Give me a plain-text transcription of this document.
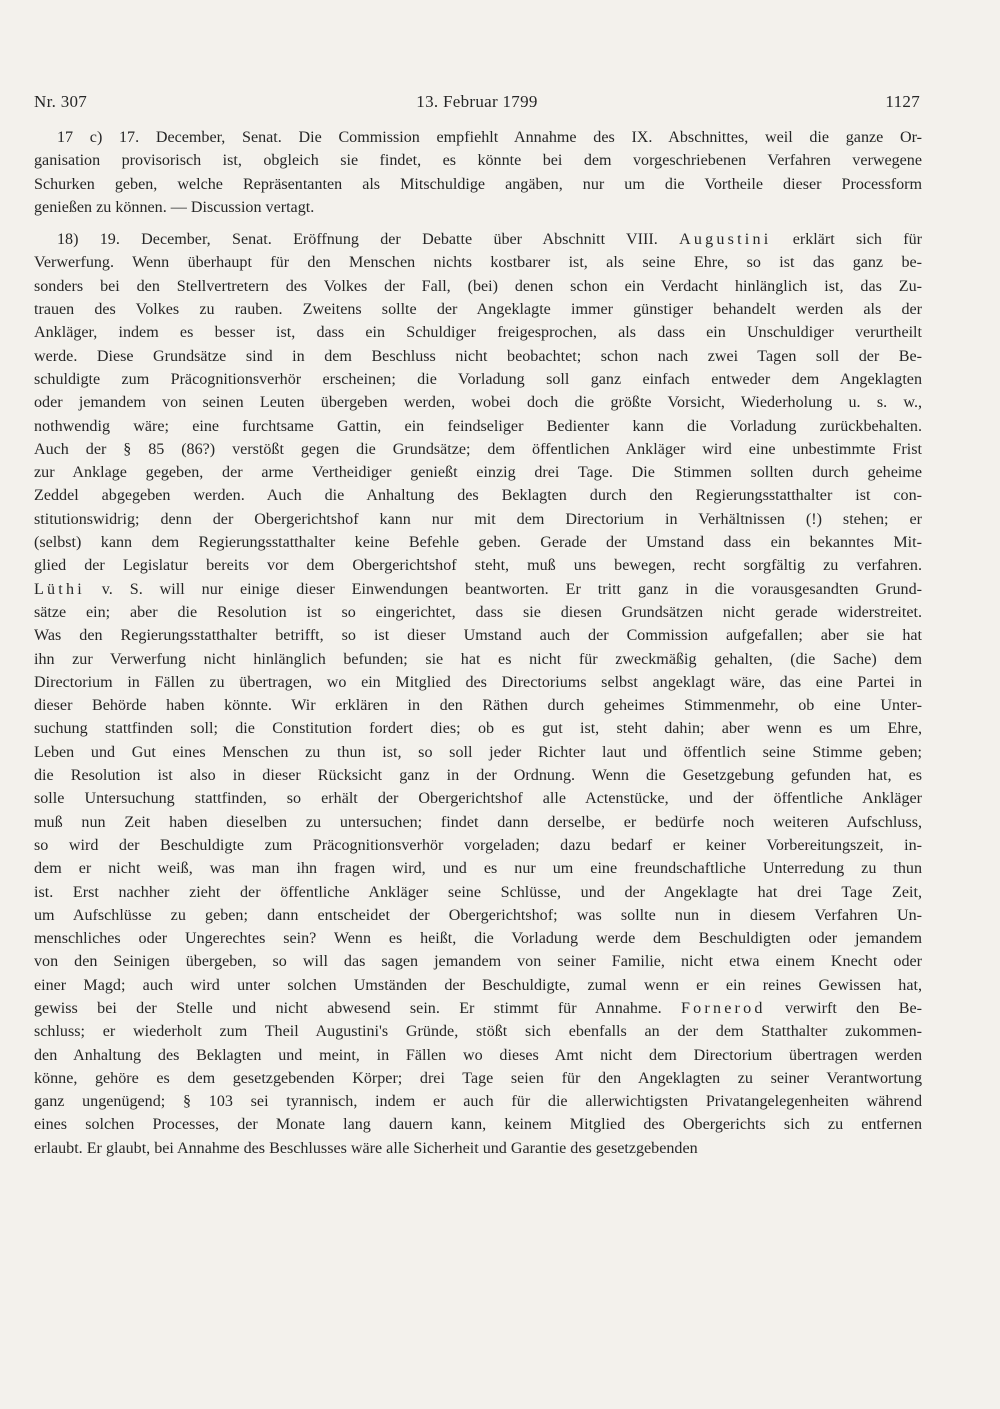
Nr. 307	13. Februar 1799	1127
17 c) 17. December, Senat. Die Commission empfiehlt Annahme des IX. Abschnittes, weil die ganze Or-
ganisation provisorisch ist, obgleich sie findet, es könnte bei dem vorgeschriebenen Verfahren verwegene
Schurken geben, welche Repräsentanten als Mitschuldige angäben, nur um die Vortheile dieser Processform
genießen zu können. — Discussion vertagt.
18) 19. December, Senat. Eröffnung der Debatte über Abschnitt VIII. Augustini erklärt sich für
Verwerfung. Wenn überhaupt für den Menschen nichts kostbarer ist, als seine Ehre, so ist das ganz be-
sonders bei den Stellvertretern des Volkes der Fall, (bei) denen schon ein Verdacht hinlänglich ist, das Zu-
trauen des Volkes zu rauben. Zweitens sollte der Angeklagte immer günstiger behandelt werden als der
Ankläger, indem es besser ist, dass ein Schuldiger freigesprochen, als dass ein Unschuldiger verurtheilt
werde. Diese Grundsätze sind in dem Beschluss nicht beobachtet; schon nach zwei Tagen soll der Be-
schuldigte zum Präcognitionsverhör erscheinen; die Vorladung soll ganz einfach entweder dem Angeklagten
oder jemandem von seinen Leuten übergeben werden, wobei doch die größte Vorsicht, Wiederholung u. s. w.,
nothwendig wäre; eine furchtsame Gattin, ein feindseliger Bedienter kann die Vorladung zurückbehalten.
Auch der § 85 (86?) verstößt gegen die Grundsätze; dem öffentlichen Ankläger wird eine unbestimmte Frist
zur Anklage gegeben, der arme Vertheidiger genießt einzig drei Tage. Die Stimmen sollten durch geheime
Zeddel abgegeben werden. Auch die Anhaltung des Beklagten durch den Regierungsstatthalter ist con-
stitutionswidrig; denn der Obergerichtshof kann nur mit dem Directorium in Verhältnissen (!) stehen; er
(selbst) kann dem Regierungsstatthalter keine Befehle geben. Gerade der Umstand dass ein bekanntes Mit-
glied der Legislatur bereits vor dem Obergerichtshof steht, muß uns bewegen, recht sorgfältig zu verfahren.
Lüthi v. S. will nur einige dieser Einwendungen beantworten. Er tritt ganz in die vorausgesandten Grund-
sätze ein; aber die Resolution ist so eingerichtet, dass sie diesen Grundsätzen nicht gerade widerstreitet.
Was den Regierungsstatthalter betrifft, so ist dieser Umstand auch der Commission aufgefallen; aber sie hat
ihn zur Verwerfung nicht hinlänglich befunden; sie hat es nicht für zweckmäßig gehalten, (die Sache) dem
Directorium in Fällen zu übertragen, wo ein Mitglied des Directoriums selbst angeklagt wäre, das eine Partei in
dieser Behörde haben könnte. Wir erklären in den Räthen durch geheimes Stimmenmehr, ob eine Unter-
suchung stattfinden soll; die Constitution fordert dies; ob es gut ist, steht dahin; aber wenn es um Ehre,
Leben und Gut eines Menschen zu thun ist, so soll jeder Richter laut und öffentlich seine Stimme geben;
die Resolution ist also in dieser Rücksicht ganz in der Ordnung. Wenn die Gesetzgebung gefunden hat, es
solle Untersuchung stattfinden, so erhält der Obergerichtshof alle Actenstücke, und der öffentliche Ankläger
muß nun Zeit haben dieselben zu untersuchen; findet dann derselbe, er bedürfe noch weiteren Aufschluss,
so wird der Beschuldigte zum Präcognitionsverhör vorgeladen; dazu bedarf er keiner Vorbereitungszeit, in-
dem er nicht weiß, was man ihn fragen wird, und es nur um eine freundschaftliche Unterredung zu thun
ist. Erst nachher zieht der öffentliche Ankläger seine Schlüsse, und der Angeklagte hat drei Tage Zeit,
um Aufschlüsse zu geben; dann entscheidet der Obergerichtshof; was sollte nun in diesem Verfahren Un-
menschliches oder Ungerechtes sein? Wenn es heißt, die Vorladung werde dem Beschuldigten oder jemandem
von den Seinigen übergeben, so will das sagen jemandem von seiner Familie, nicht etwa einem Knecht oder
einer Magd; auch wird unter solchen Umständen der Beschuldigte, zumal wenn er ein reines Gewissen hat,
gewiss bei der Stelle und nicht abwesend sein. Er stimmt für Annahme. Fornerod verwirft den Be-
schluss; er wiederholt zum Theil Augustini's Gründe, stößt sich ebenfalls an der dem Statthalter zukommen-
den Anhaltung des Beklagten und meint, in Fällen wo dieses Amt nicht dem Directorium übertragen werden
könne, gehöre es dem gesetzgebenden Körper; drei Tage seien für den Angeklagten zu seiner Verantwortung
ganz ungenügend; § 103 sei tyrannisch, indem er auch für die allerwichtigsten Privatangelegenheiten während
eines solchen Processes, der Monate lang dauern kann, keinem Mitglied des Obergerichts sich zu entfernen
erlaubt. Er glaubt, bei Annahme des Beschlusses wäre alle Sicherheit und Garantie des gesetzgebenden
